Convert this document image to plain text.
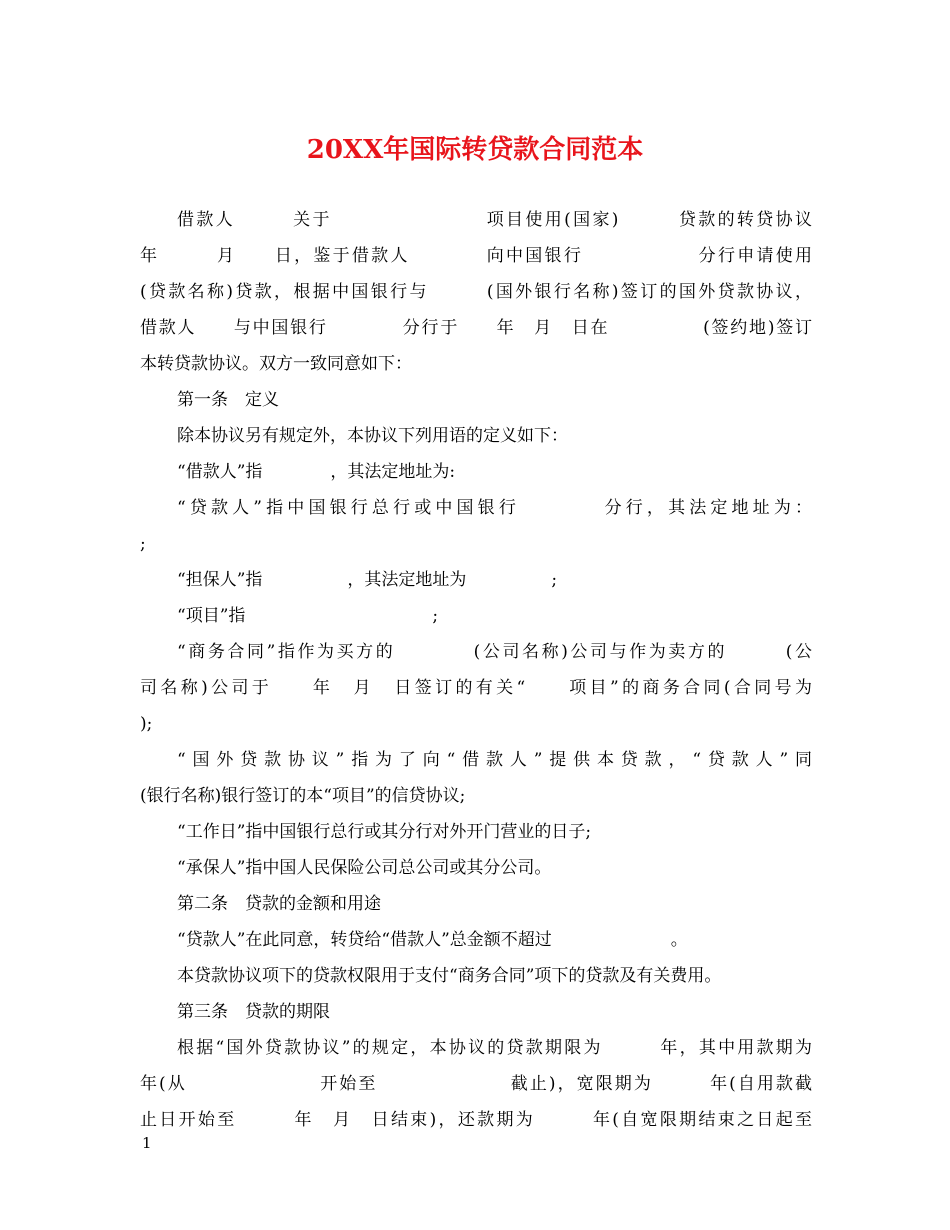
20XX年国际转贷款合同范本
借款人　　　关于　　　　　　　　项目使用(国家)　　　贷款的转贷协议
年　　　月　　日，鉴于借款人　　　　向中国银行　　　　　　分行申请使用
(贷款名称)贷款，根据中国银行与　　　(国外银行名称)签订的国外贷款协议，
借款人　　与中国银行　　　　分行于　　年　月　日在　　　　　(签约地)签订
本转贷款协议。双方一致同意如下：
第一条　定义
除本协议另有规定外，本协议下列用语的定义如下：
“借款人”指　　　　，其法定地址为:
“贷款人”指中国银行总行或中国银行　　　　分行，其法定地址为：
;
“担保人”指　　　　　，其法定地址为　　　　　;
“项目”指　　　　　　　　　　　;
“商务合同”指作为买方的　　　　(公司名称)公司与作为卖方的　　　(公
司名称)公司于　　年　月　日签订的有关“　　项目”的商务合同(合同号为
);
“国外贷款协议”指为了向“借款人”提供本贷款，“贷款人”同
(银行名称)银行签订的本“项目”的信贷协议;
“工作日”指中国银行总行或其分行对外开门营业的日子;
“承保人”指中国人民保险公司总公司或其分公司。
第二条　贷款的金额和用途
“贷款人”在此同意，转贷给“借款人”总金额不超过　　　　　　　。
本贷款协议项下的贷款权限用于支付“商务合同”项下的贷款及有关费用。
第三条　贷款的期限
根据“国外贷款协议”的规定，本协议的贷款期限为　　　年，其中用款期为
年(从　　　　　　　开始至　　　　　　　截止)，宽限期为　　　年(自用款截
止日开始至　　　年　月　日结束)，还款期为　　　年(自宽限期结束之日起至
1
